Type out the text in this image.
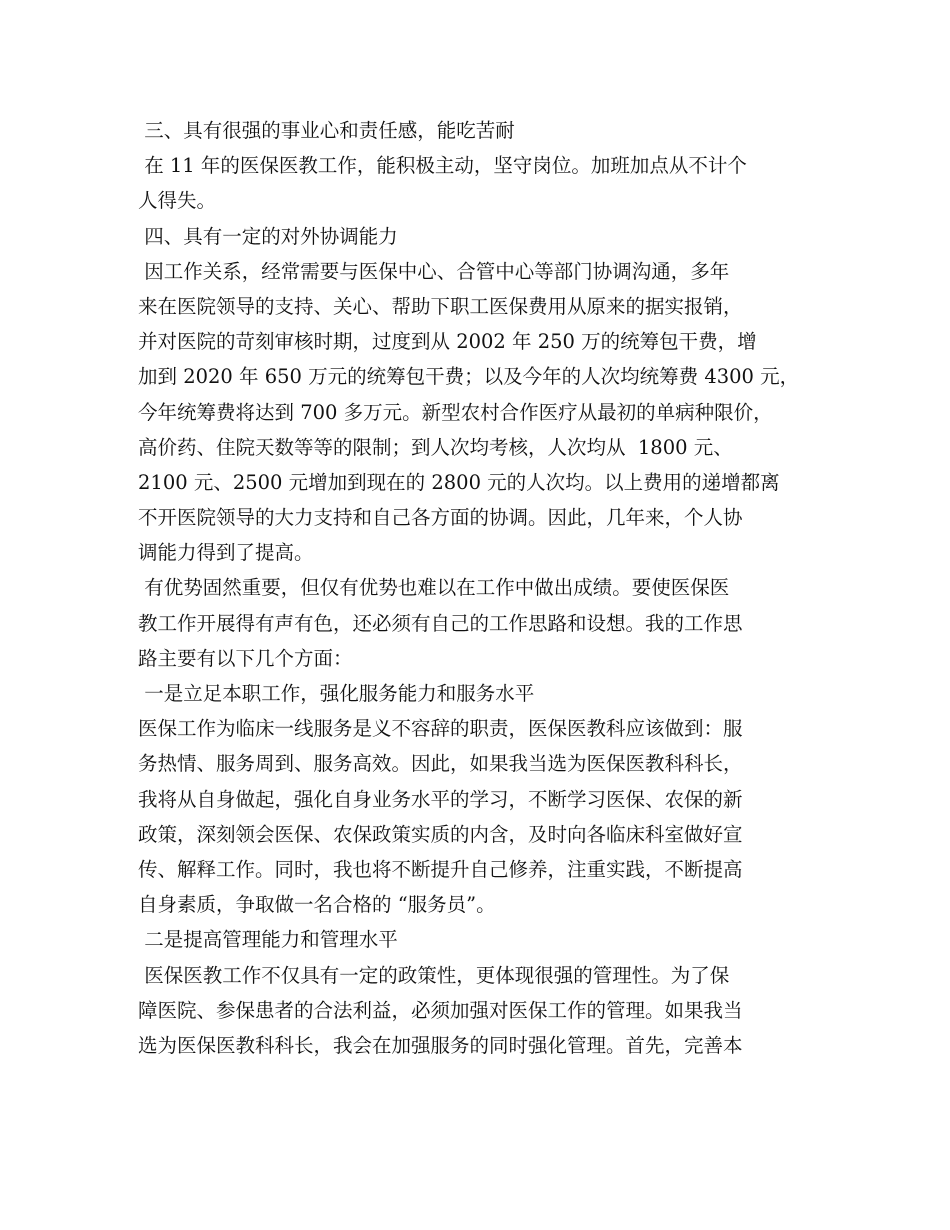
三、具有很强的事业心和责任感，能吃苦耐
在 11 年的医保医教工作，能积极主动，坚守岗位。加班加点从不计个
人得失。
四、具有一定的对外协调能力
因工作关系，经常需要与医保中心、合管中心等部门协调沟通，多年
来在医院领导的支持、关心、帮助下职工医保费用从原来的据实报销，
并对医院的苛刻审核时期，过度到从 2002 年 250 万的统筹包干费，增
加到 2020 年 650 万元的统筹包干费；以及今年的人次均统筹费 4300 元，
今年统筹费将达到 700 多万元。新型农村合作医疗从最初的单病种限价，
高价药、住院天数等等的限制；到人次均考核，人次均从  1800 元、
2100 元、2500 元增加到现在的 2800 元的人次均。以上费用的递增都离
不开医院领导的大力支持和自己各方面的协调。因此，几年来，个人协
调能力得到了提高。
有优势固然重要，但仅有优势也难以在工作中做出成绩。要使医保医
教工作开展得有声有色，还必须有自己的工作思路和设想。我的工作思
路主要有以下几个方面：
一是立足本职工作，强化服务能力和服务水平
医保工作为临床一线服务是义不容辞的职责，医保医教科应该做到：服
务热情、服务周到、服务高效。因此，如果我当选为医保医教科科长，
我将从自身做起，强化自身业务水平的学习，不断学习医保、农保的新
政策，深刻领会医保、农保政策实质的内含，及时向各临床科室做好宣
传、解释工作。同时，我也将不断提升自己修养，注重实践，不断提高
自身素质，争取做一名合格的 “服务员”。
二是提高管理能力和管理水平
医保医教工作不仅具有一定的政策性，更体现很强的管理性。为了保
障医院、参保患者的合法利益，必须加强对医保工作的管理。如果我当
选为医保医教科科长，我会在加强服务的同时强化管理。首先，完善本
